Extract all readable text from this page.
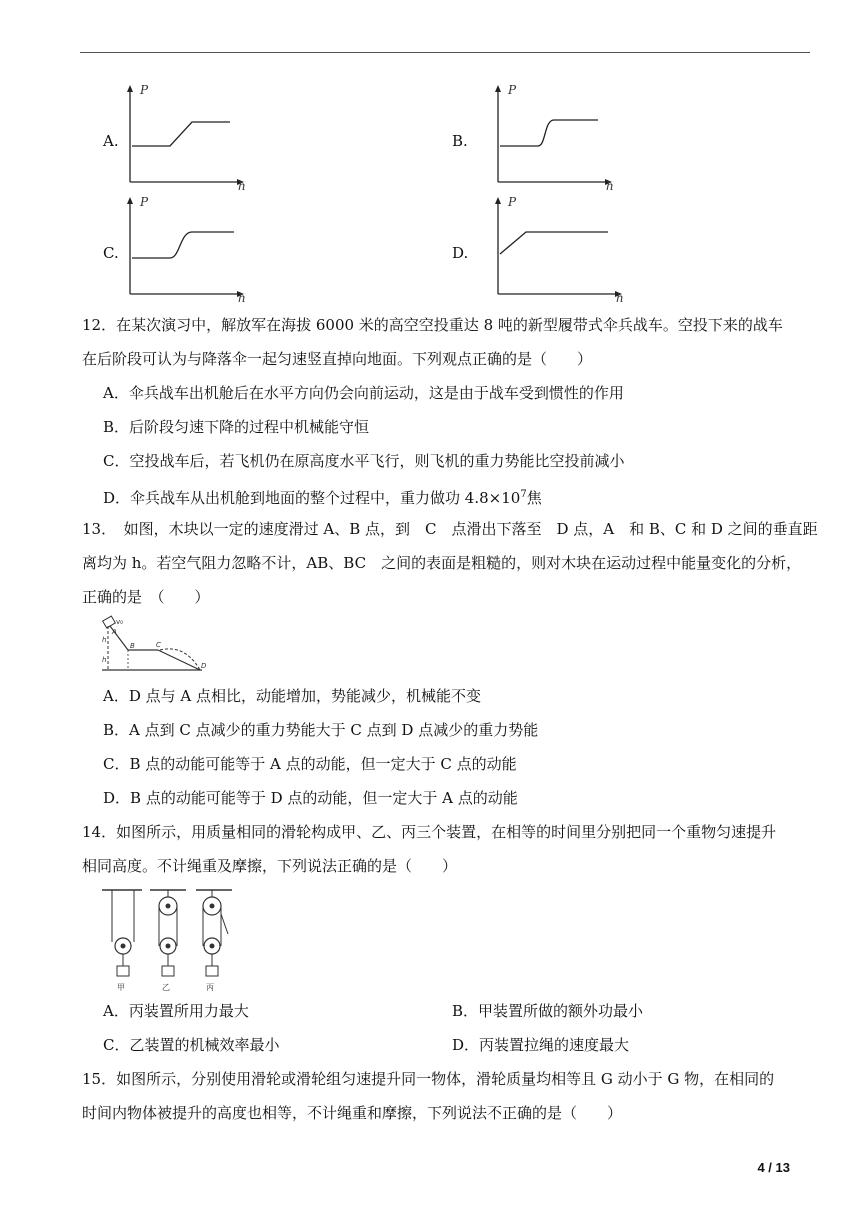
A.
P
h
B.
P
h
C.
P
h
D.
P
h
12．在某次演习中，解放军在海拔 6000 米的高空空投重达 8 吨的新型履带式伞兵战车。空投下来的战车
在后阶段可认为与降落伞一起匀速竖直掉向地面。下列观点正确的是（　　）
A．伞兵战车出机舱后在水平方向仍会向前运动，这是由于战车受到惯性的作用
B．后阶段匀速下降的过程中机械能守恒
C．空投战车后，若飞机仍在原高度水平飞行，则飞机的重力势能比空投前减小
D．伞兵战车从出机舱到地面的整个过程中，重力做功 $4.8\times 10^7$焦
13．　如图，木块以一定的速度滑过 A、B 点，到　C　点滑出下落至　D 点，A　和 B、C 和 D 之间的垂直距
离均为 h。若空气阻力忽略不计，AB、BC　之间的表面是粗糙的，则对木块在运动过程中能量变化的分析，
正确的是　（　　）
v₀
A
B	C
D
h
h
A．D 点与 A 点相比，动能增加，势能减少，机械能不变
B．A 点到 C 点减少的重力势能大于 C 点到 D 点减少的重力势能
C．B 点的动能可能等于 A 点的动能，但一定大于 C 点的动能
D．B 点的动能可能等于 D 点的动能，但一定大于 A 点的动能
14．如图所示，用质量相同的滑轮构成甲、乙、丙三个装置，在相等的时间里分别把同一个重物匀速提升
相同高度。不计绳重及摩擦，下列说法正确的是（　　）
甲	乙	丙
A．丙装置所用力最大	B．甲装置所做的额外功最小
C．乙装置的机械效率最小	D．丙装置拉绳的速度最大
15．如图所示，分别使用滑轮或滑轮组匀速提升同一物体，滑轮质量均相等且 G 动小于 G 物，在相同的
时间内物体被提升的高度也相等，不计绳重和摩擦，下列说法不正确的是（　　）
4 / 13
